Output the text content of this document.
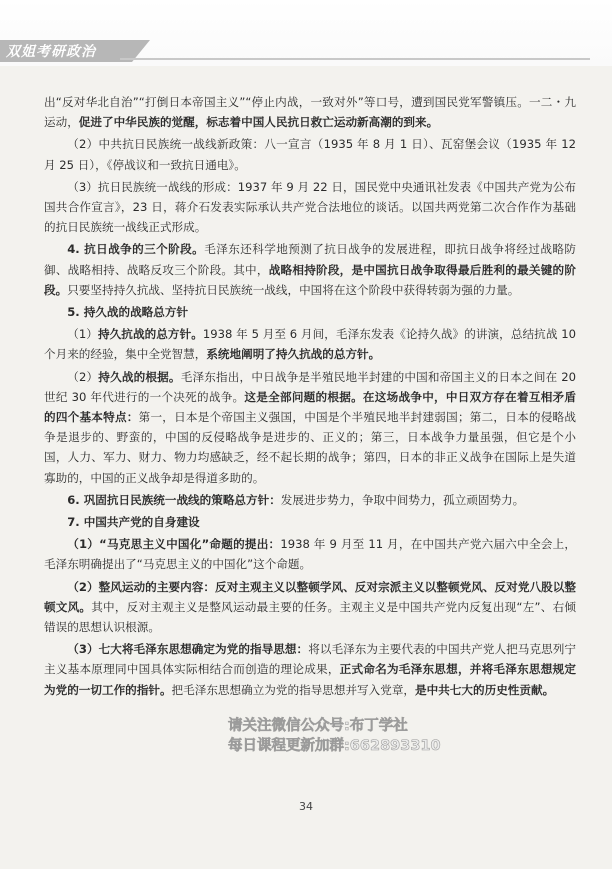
双姐考研政治

出“反对华北自治”“打倒日本帝国主义”“停止内战，一致对外”等口号，遭到国民党军警镇压。一二・九运动，促进了中华民族的觉醒，标志着中国人民抗日救亡运动新高潮的到来。

（2）中共抗日民族统一战线新政策：八一宣言（1935 年 8 月 1 日）、瓦窑堡会议（1935 年 12 月 25 日），《停战议和一致抗日通电》。

（3）抗日民族统一战线的形成：1937 年 9 月 22 日，国民党中央通讯社发表《中国共产党为公布国共合作宣言》，23 日，蒋介石发表实际承认共产党合法地位的谈话。以国共两党第二次合作作为基础的抗日民族统一战线正式形成。

4. 抗日战争的三个阶段。毛泽东还科学地预测了抗日战争的发展进程，即抗日战争将经过战略防御、战略相持、战略反攻三个阶段。其中，战略相持阶段，是中国抗日战争取得最后胜利的最关键的阶段。只要坚持持久抗战、坚持抗日民族统一战线，中国将在这个阶段中获得转弱为强的力量。

5. 持久战的战略总方针

（1）持久抗战的总方针。1938 年 5 月至 6 月间，毛泽东发表《论持久战》的讲演，总结抗战 10 个月来的经验，集中全党智慧，系统地阐明了持久抗战的总方针。

（2）持久战的根据。毛泽东指出，中日战争是半殖民地半封建的中国和帝国主义的日本之间在 20 世纪 30 年代进行的一个决死的战争。这是全部问题的根据。在这场战争中，中日双方存在着互相矛盾的四个基本特点：第一，日本是个帝国主义强国，中国是个半殖民地半封建弱国；第二，日本的侵略战争是退步的、野蛮的，中国的反侵略战争是进步的、正义的；第三，日本战争力量虽强，但它是个小国，人力、军力、财力、物力均感缺乏，经不起长期的战争；第四，日本的非正义战争在国际上是失道寡助的，中国的正义战争却是得道多助的。

6. 巩固抗日民族统一战线的策略总方针：发展进步势力，争取中间势力，孤立顽固势力。

7. 中国共产党的自身建设

（1）“马克思主义中国化”命题的提出：1938 年 9 月至 11 月，在中国共产党六届六中全会上，毛泽东明确提出了“马克思主义的中国化”这个命题。

（2）整风运动的主要内容：反对主观主义以整顿学风、反对宗派主义以整顿党风、反对党八股以整顿文风。其中，反对主观主义是整风运动最主要的任务。主观主义是中国共产党内反复出现“左”、右倾错误的思想认识根源。

（3）七大将毛泽东思想确定为党的指导思想：将以毛泽东为主要代表的中国共产党人把马克思列宁主义基本原理同中国具体实际相结合而创造的理论成果，正式命名为毛泽东思想，并将毛泽东思想规定为党的一切工作的指针。把毛泽东思想确立为党的指导思想并写入党章，是中共七大的历史性贡献。

请关注微信公众号:布丁学社
每日课程更新加群:662893310
34
